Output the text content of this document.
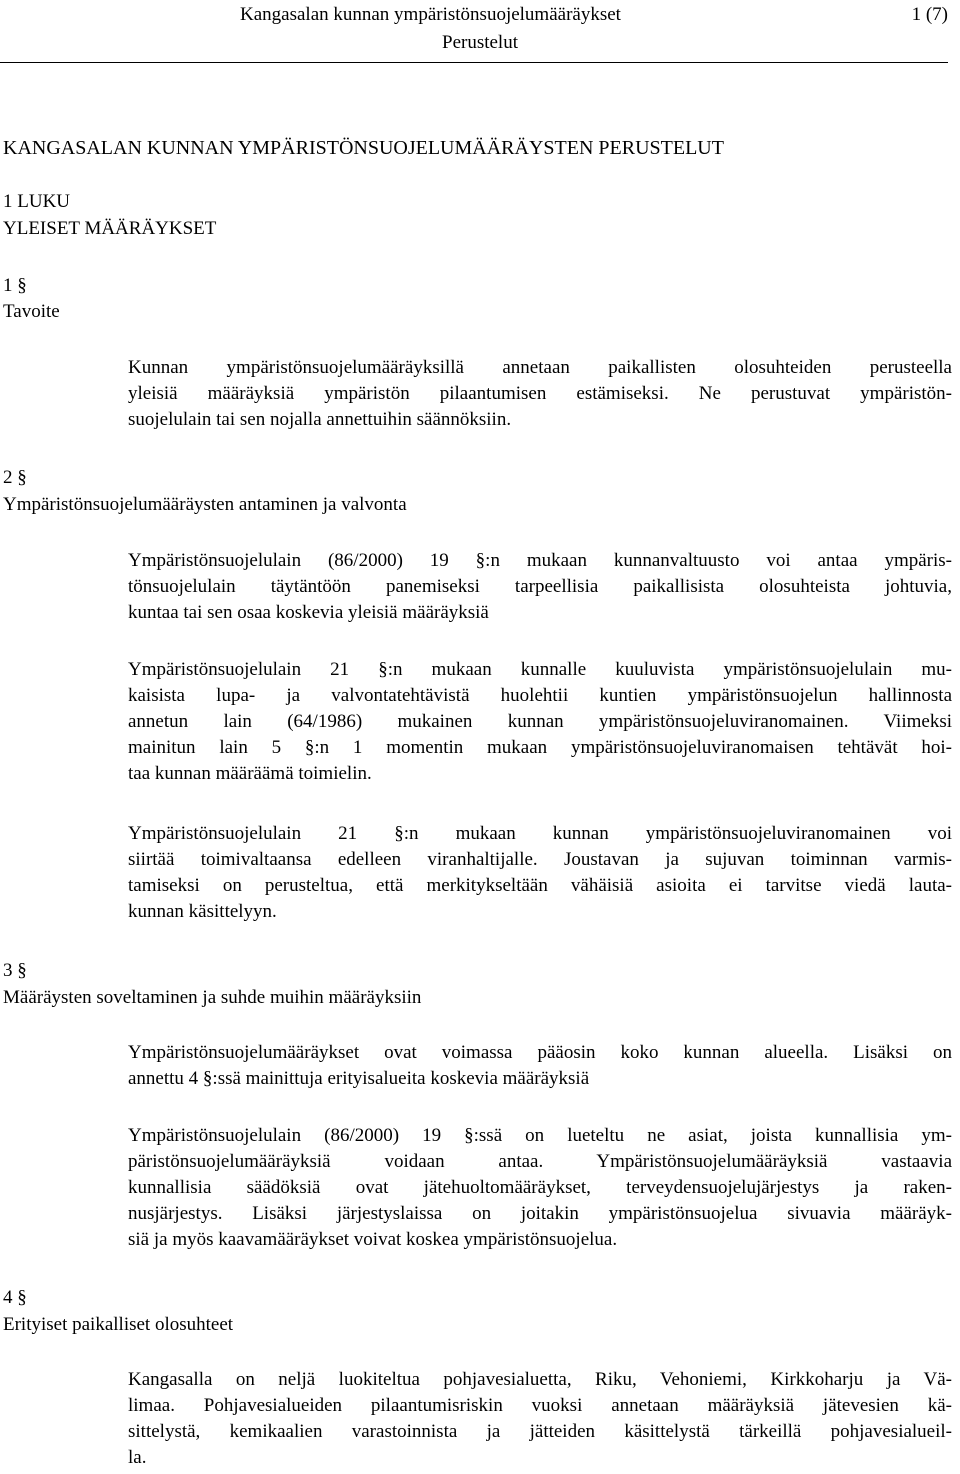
Kangasalan kunnan ympäristönsuojelumääräykset	1 (7)
Perustelut
KANGASALAN KUNNAN YMPÄRISTÖNSUOJELUMÄÄRÄYSTEN PERUSTELUT
1 LUKU
YLEISET MÄÄRÄYKSET
1 §
Tavoite
Kunnan ympäristönsuojelumääräyksillä annetaan paikallisten olosuhteiden perusteella
yleisiä määräyksiä ympäristön pilaantumisen estämiseksi. Ne perustuvat ympäristön-
suojelulain tai sen nojalla annettuihin säännöksiin.
2 §
Ympäristönsuojelumääräysten antaminen ja valvonta
Ympäristönsuojelulain (86/2000) 19 §:n mukaan kunnanvaltuusto voi antaa ympäris-
tönsuojelulain täytäntöön panemiseksi tarpeellisia paikallisista olosuhteista johtuvia,
kuntaa tai sen osaa koskevia yleisiä määräyksiä
Ympäristönsuojelulain 21 §:n mukaan kunnalle kuuluvista ympäristönsuojelulain mu-
kaisista lupa- ja valvontatehtävistä huolehtii kuntien ympäristönsuojelun hallinnosta
annetun lain (64/1986) mukainen kunnan ympäristönsuojeluviranomainen. Viimeksi
mainitun lain 5 §:n 1 momentin mukaan ympäristönsuojeluviranomaisen tehtävät hoi-
taa kunnan määräämä toimielin.
Ympäristönsuojelulain 21 §:n mukaan kunnan ympäristönsuojeluviranomainen voi
siirtää toimivaltaansa edelleen viranhaltijalle. Joustavan ja sujuvan toiminnan varmis-
tamiseksi on perusteltua, että merkitykseltään vähäisiä asioita ei tarvitse viedä lauta-
kunnan käsittelyyn.
3 §
Määräysten soveltaminen ja suhde muihin määräyksiin
Ympäristönsuojelumääräykset ovat voimassa pääosin koko kunnan alueella. Lisäksi on
annettu 4 §:ssä mainittuja erityisalueita koskevia määräyksiä
Ympäristönsuojelulain (86/2000) 19 §:ssä on lueteltu ne asiat, joista kunnallisia ym-
päristönsuojelumääräyksiä voidaan antaa. Ympäristönsuojelumääräyksiä vastaavia
kunnallisia säädöksiä ovat jätehuoltomääräykset, terveydensuojelujärjestys ja raken-
nusjärjestys. Lisäksi järjestyslaissa on joitakin ympäristönsuojelua sivuavia määräyk-
siä ja myös kaavamääräykset voivat koskea ympäristönsuojelua.
4 §
Erityiset paikalliset olosuhteet
Kangasalla on neljä luokiteltua pohjavesialuetta, Riku, Vehoniemi, Kirkkoharju ja Vä-
limaa. Pohjavesialueiden pilaantumisriskin vuoksi annetaan määräyksiä jätevesien kä-
sittelystä, kemikaalien varastoinnista ja jätteiden käsittelystä tärkeillä pohjavesialueil-
la.
